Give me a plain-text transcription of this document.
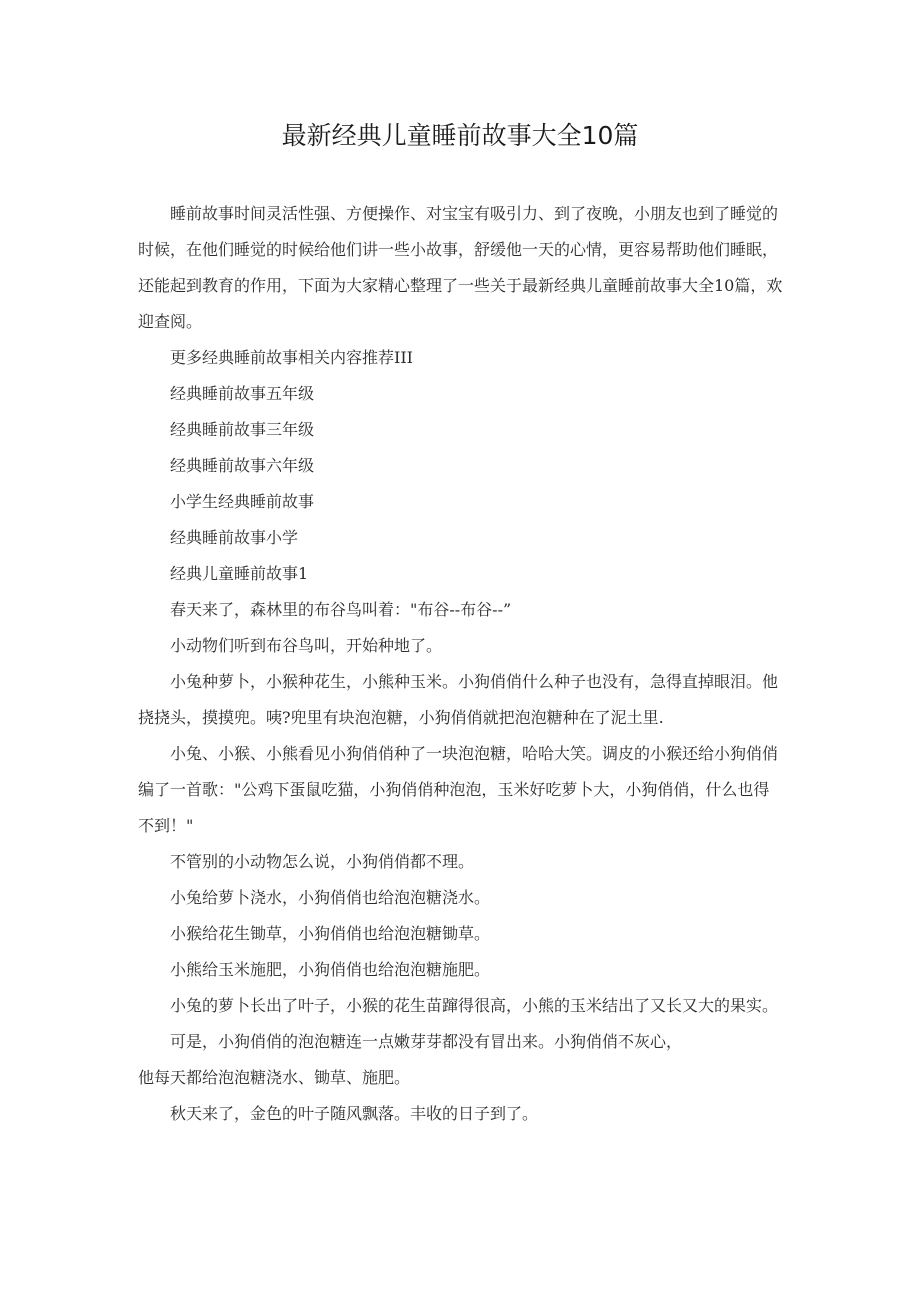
最新经典儿童睡前故事大全10篇

睡前故事时间灵活性强、方便操作、对宝宝有吸引力、到了夜晚，小朋友也到了睡觉的时候，在他们睡觉的时候给他们讲一些小故事，舒缓他一天的心情，更容易帮助他们睡眠，还能起到教育的作用，下面为大家精心整理了一些关于最新经典儿童睡前故事大全10篇，欢迎查阅。

更多经典睡前故事相关内容推荐III

经典睡前故事五年级

经典睡前故事三年级

经典睡前故事六年级

小学生经典睡前故事

经典睡前故事小学

经典儿童睡前故事1

春天来了，森林里的布谷鸟叫着："布谷--布谷--”

小动物们听到布谷鸟叫，开始种地了。

小兔种萝卜，小猴种花生，小熊种玉米。小狗俏俏什么种子也没有，急得直掉眼泪。他挠挠头，摸摸兜。咦?兜里有块泡泡糖，小狗俏俏就把泡泡糖种在了泥土里.

小兔、小猴、小熊看见小狗俏俏种了一块泡泡糖，哈哈大笑。调皮的小猴还给小狗俏俏编了一首歌："公鸡下蛋鼠吃猫，小狗俏俏种泡泡，玉米好吃萝卜大，小狗俏俏，什么也得不到！"

不管别的小动物怎么说，小狗俏俏都不理。

小兔给萝卜浇水，小狗俏俏也给泡泡糖浇水。

小猴给花生锄草，小狗俏俏也给泡泡糖锄草。

小熊给玉米施肥，小狗俏俏也给泡泡糖施肥。

小兔的萝卜长出了叶子，小猴的花生苗蹿得很高，小熊的玉米结出了又长又大的果实。

可是，小狗俏俏的泡泡糖连一点嫩芽芽都没有冒出来。小狗俏俏不灰心，

他每天都给泡泡糖浇水、锄草、施肥。

秋天来了，金色的叶子随风飘落。丰收的日子到了。
